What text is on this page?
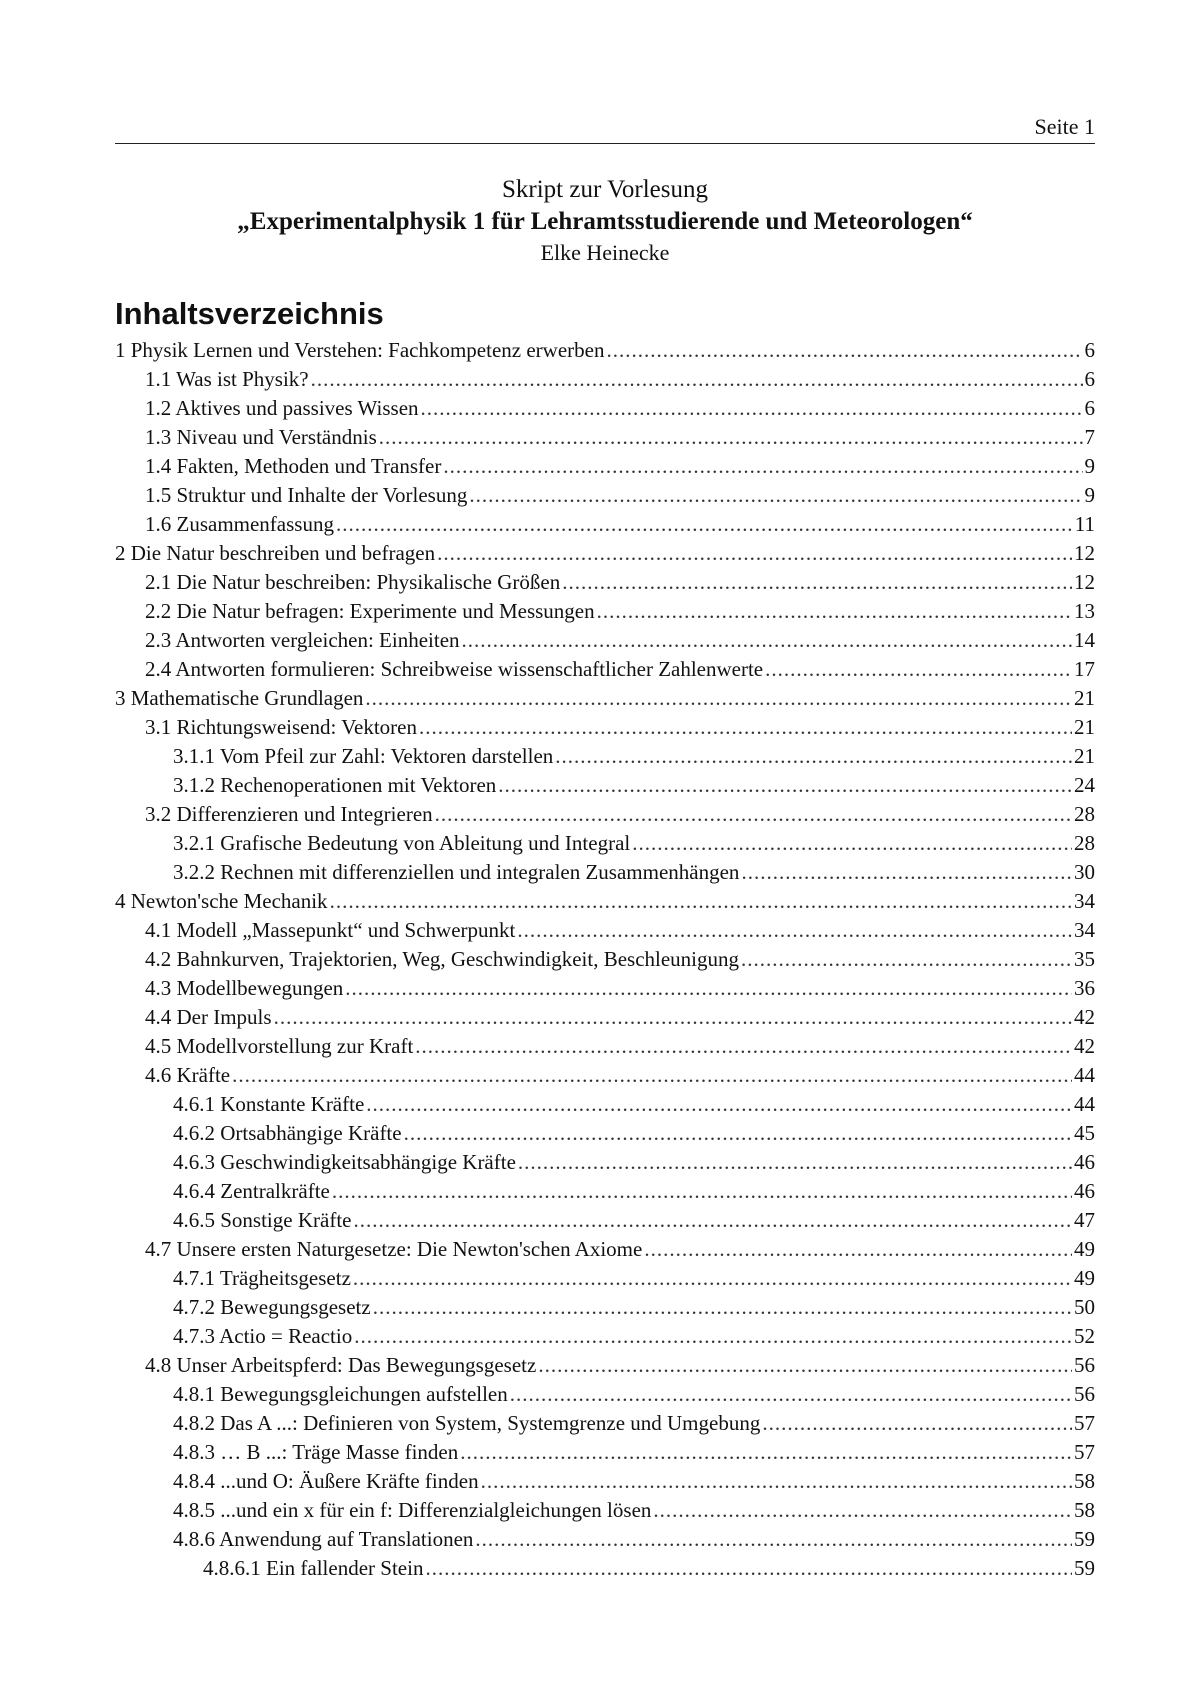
Seite 1
Skript zur Vorlesung
„Experimentalphysik 1 für Lehramtsstudierende und Meteorologen“
Elke Heinecke
Inhaltsverzeichnis
1 Physik Lernen und Verstehen: Fachkompetenz erwerben .....	6
1.1 Was ist Physik? .....	6
1.2 Aktives und passives Wissen .....	6
1.3 Niveau und Verständnis .....	7
1.4 Fakten, Methoden und Transfer .....	9
1.5 Struktur und Inhalte der Vorlesung .....	9
1.6 Zusammenfassung .....	11
2 Die Natur beschreiben und befragen .....	12
2.1 Die Natur beschreiben: Physikalische Größen .....	12
2.2 Die Natur befragen: Experimente und Messungen .....	13
2.3 Antworten vergleichen: Einheiten .....	14
2.4 Antworten formulieren: Schreibweise wissenschaftlicher Zahlenwerte .....	17
3 Mathematische Grundlagen .....	21
3.1 Richtungsweisend: Vektoren .....	21
3.1.1 Vom Pfeil zur Zahl: Vektoren darstellen .....	21
3.1.2 Rechenoperationen mit Vektoren .....	24
3.2 Differenzieren und Integrieren .....	28
3.2.1 Grafische Bedeutung von Ableitung und Integral .....	28
3.2.2 Rechnen mit differenziellen und integralen Zusammenhängen .....	30
4 Newton'sche Mechanik .....	34
4.1 Modell „Massepunkt“ und Schwerpunkt .....	34
4.2 Bahnkurven, Trajektorien, Weg, Geschwindigkeit, Beschleunigung .....	35
4.3 Modellbewegungen .....	36
4.4 Der Impuls .....	42
4.5 Modellvorstellung zur Kraft .....	42
4.6 Kräfte .....	44
4.6.1 Konstante Kräfte .....	44
4.6.2 Ortsabhängige Kräfte .....	45
4.6.3 Geschwindigkeitsabhängige Kräfte .....	46
4.6.4 Zentralkräfte .....	46
4.6.5 Sonstige Kräfte .....	47
4.7 Unsere ersten Naturgesetze: Die Newton'schen Axiome .....	49
4.7.1 Trägheitsgesetz .....	49
4.7.2 Bewegungsgesetz .....	50
4.7.3 Actio = Reactio .....	52
4.8 Unser Arbeitspferd: Das Bewegungsgesetz .....	56
4.8.1 Bewegungsgleichungen aufstellen .....	56
4.8.2 Das A ...: Definieren von System, Systemgrenze und Umgebung .....	57
4.8.3 … B ...: Träge Masse finden .....	57
4.8.4 ...und O: Äußere Kräfte finden .....	58
4.8.5 ...und ein x für ein f: Differenzialgleichungen lösen .....	58
4.8.6 Anwendung auf Translationen .....	59
4.8.6.1 Ein fallender Stein .....	59
